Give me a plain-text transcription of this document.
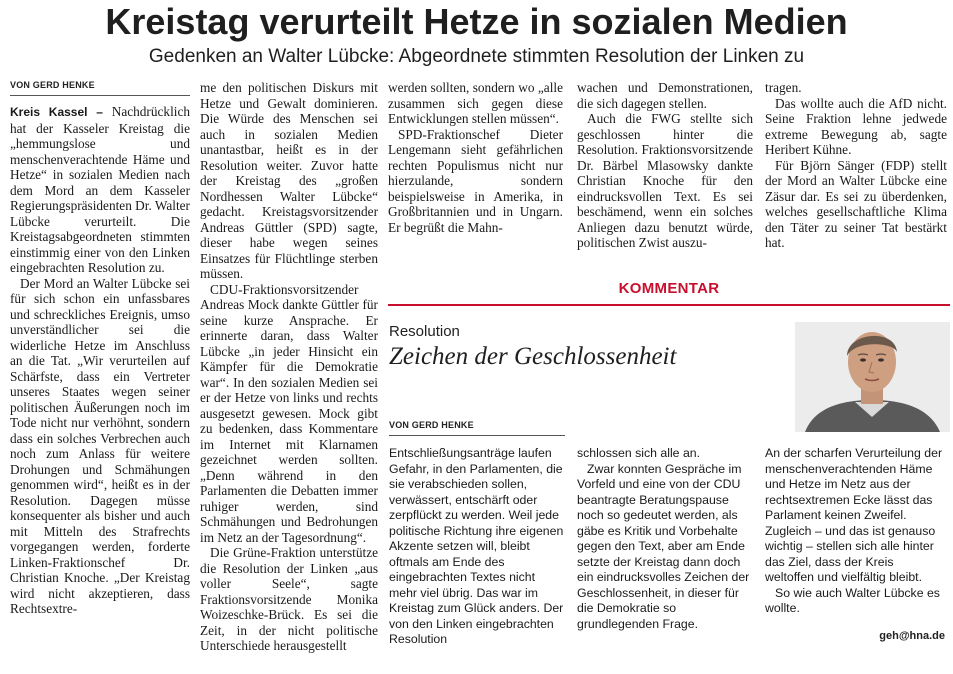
Kreistag verurteilt Hetze in sozialen Medien
Gedenken an Walter Lübcke: Abgeordnete stimmten Resolution der Linken zu
VON GERD HENKE

Kreis Kassel – Nachdrücklich hat der Kasseler Kreistag die „hemmungslose und menschenverachtende Häme und Hetze“ in sozialen Medien nach dem Mord an dem Kasseler Regierungspräsidenten Dr. Walter Lübcke verurteilt. Die Kreistagsabgeordneten stimmten einstimmig einer von den Linken eingebrachten Resolution zu.

Der Mord an Walter Lübcke sei für sich schon ein unfassbares und schreckliches Ereignis, umso unverständlicher sei die widerliche Hetze im Anschluss an die Tat. „Wir verurteilen auf Schärfste, dass ein Vertreter unseres Staates wegen seiner politischen Äußerungen noch im Tode nicht nur verhöhnt, sondern dass ein solches Verbrechen auch noch zum Anlass für weitere Drohungen und Schmähungen genommen wird“, heißt es in der Resolution. Dagegen müsse konsequenter als bisher und auch mit Mitteln des Strafrechts vorgegangen werden, forderte Linken-Fraktionschef Dr. Christian Knoche. „Der Kreistag wird nicht akzeptieren, dass Rechtsextre-

me den politischen Diskurs mit Hetze und Gewalt dominieren. Die Würde des Menschen sei auch in sozialen Medien unantastbar, heißt es in der Resolution weiter. Zuvor hatte der Kreistag des „großen Nordhessen Walter Lübcke“ gedacht. Kreistagsvorsitzender Andreas Güttler (SPD) sagte, dieser habe wegen seines Einsatzes für Flüchtlinge sterben müssen.

CDU-Fraktionsvorsitzender Andreas Mock dankte Güttler für seine kurze Ansprache. Er erinnerte daran, dass Walter Lübcke „in jeder Hinsicht ein Kämpfer für die Demokratie war“. In den sozialen Medien sei er der Hetze von links und rechts ausgesetzt gewesen. Mock gibt zu bedenken, dass Kommentare im Internet mit Klarnamen gezeichnet werden sollten. „Denn während in den Parlamenten die Debatten immer ruhiger werden, sind Schmähungen und Bedrohungen im Netz an der Tagesordnung“.

Die Grüne-Fraktion unterstütze die Resolution der Linken „aus voller Seele“, sagte Fraktionsvorsitzende Monika Woizeschke-Brück. Es sei die Zeit, in der nicht politische Unterschiede herausgestellt

werden sollten, sondern wo „alle zusammen sich gegen diese Entwicklungen stellen müssen“.

SPD-Fraktionschef Dieter Lengemann sieht gefährlichen rechten Populismus nicht nur hierzulande, sondern beispielsweise in Amerika, in Großbritannien und in Ungarn. Er begrüßt die Mahn-

wachen und Demonstrationen, die sich dagegen stellen.

Auch die FWG stellte sich geschlossen hinter die Resolution. Fraktionsvorsitzende Dr. Bärbel Mlasowsky dankte Christian Knoche für den eindrucksvollen Text. Es sei beschämend, wenn ein solches Anliegen dazu benutzt würde, politischen Zwist auszu-

tragen.

Das wollte auch die AfD nicht. Seine Fraktion lehne jedwede extreme Bewegung ab, sagte Heribert Kühne.

Für Björn Sänger (FDP) stellt der Mord an Walter Lübcke eine Zäsur dar. Es sei zu überdenken, welches gesellschaftliche Klima den Täter zu seiner Tat bestärkt hat.

KOMMENTAR
Resolution
Zeichen der Geschlossenheit
VON GERD HENKE

Entschließungsanträge laufen Gefahr, in den Parlamenten, die sie verabschieden sollen, verwässert, entschärft oder zerpflückt zu werden. Weil jede politische Richtung ihre eigenen Akzente setzen will, bleibt oftmals am Ende des eingebrachten Textes nicht mehr viel übrig. Das war im Kreistag zum Glück anders. Der von den Linken eingebrachten Resolution

schlossen sich alle an.

Zwar konnten Gespräche im Vorfeld und eine von der CDU beantragte Beratungspause noch so gedeutet werden, als gäbe es Kritik und Vorbehalte gegen den Text, aber am Ende setzte der Kreistag dann doch ein eindrucksvolles Zeichen der Geschlossenheit, in dieser für die Demokratie so grundlegenden Frage.

An der scharfen Verurteilung der menschenverachtenden Häme und Hetze im Netz aus der rechtsextremen Ecke lässt das Parlament keinen Zweifel. Zugleich – und das ist genauso wichtig – stellen sich alle hinter das Ziel, dass der Kreis weltoffen und vielfältig bleibt.

So wie auch Walter Lübcke es wollte.

geh@hna.de
